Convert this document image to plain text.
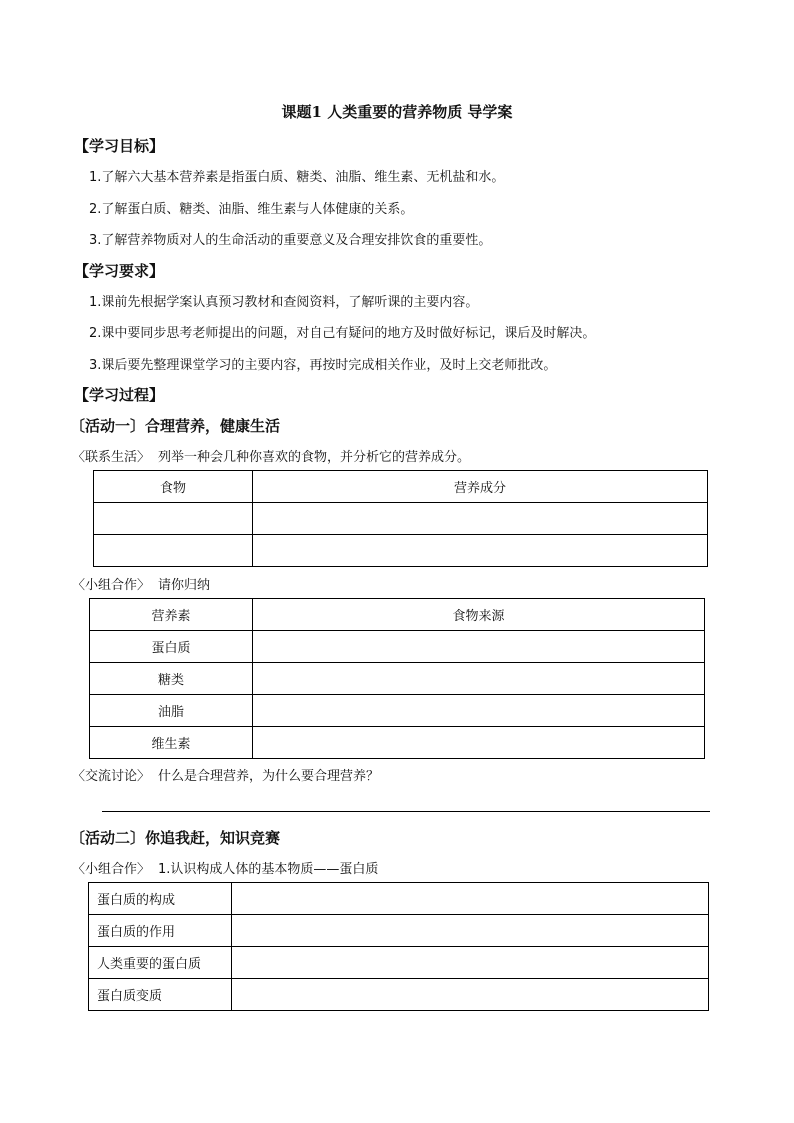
课题1 人类重要的营养物质 导学案
【学习目标】
1.了解六大基本营养素是指蛋白质、糖类、油脂、维生素、无机盐和水。
2.了解蛋白质、糖类、油脂、维生素与人体健康的关系。
3.了解营养物质对人的生命活动的重要意义及合理安排饮食的重要性。
【学习要求】
1.课前先根据学案认真预习教材和查阅资料，了解听课的主要内容。
2.课中要同步思考老师提出的问题，对自己有疑问的地方及时做好标记，课后及时解决。
3.课后要先整理课堂学习的主要内容，再按时完成相关作业，及时上交老师批改。
【学习过程】
〔活动一〕合理营养，健康生活
〈联系生活〉 列举一种会几种你喜欢的食物，并分析它的营养成分。
食物	营养成分

〈小组合作〉 请你归纳
营养素	食物来源
蛋白质	
糖类	
油脂	
维生素	
〈交流讨论〉 什么是合理营养，为什么要合理营养？
〔活动二〕你追我赶，知识竞赛
〈小组合作〉 1.认识构成人体的基本物质——蛋白质
蛋白质的构成	
蛋白质的作用	
人类重要的蛋白质	
蛋白质变质	
